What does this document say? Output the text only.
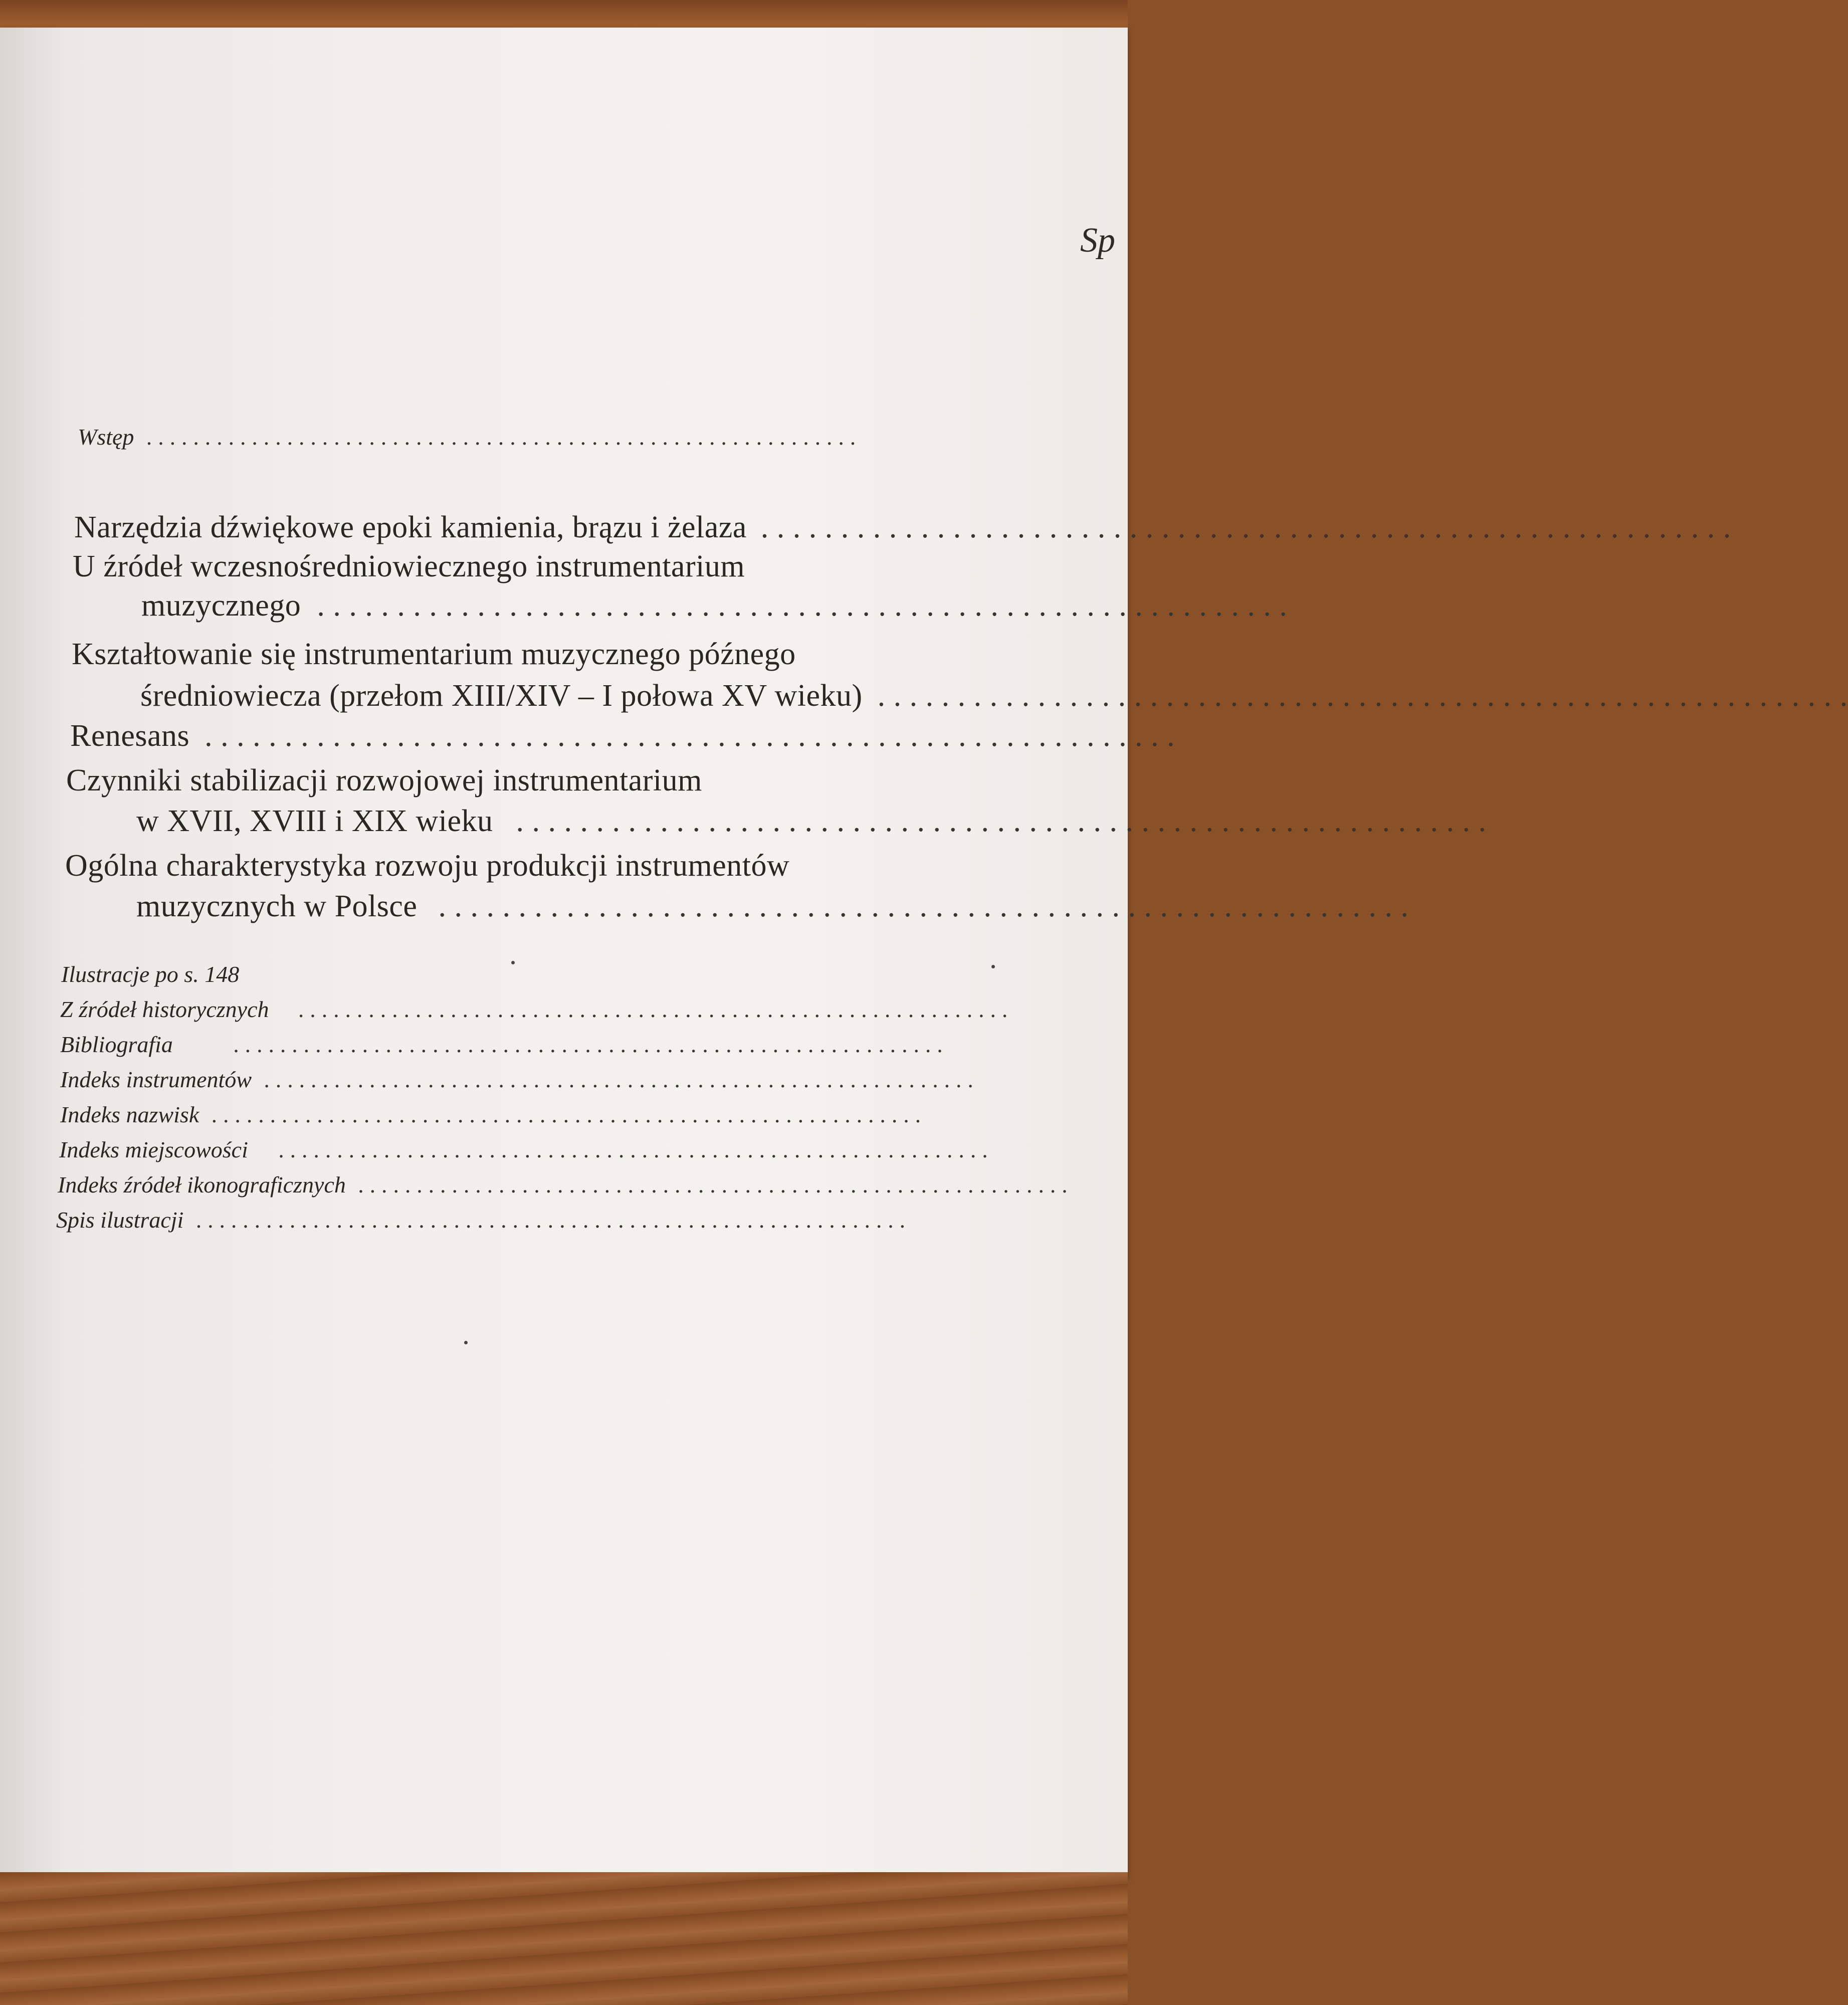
Sp
Wstęp . . . . . . . . . . . . . . . . . . . . . . . . . . . . . . . . . . . . . . . . . . . . . . . . . . . . . . . . . . . . .
Narzędzia dźwiękowe epoki kamienia, brązu i żelaza . . . . . . . . . . . . . . . . . . . . . . . . . . . . . . . . . . . . . . . . . . . . . . . . . . . . . . . . . . . . .
U źródeł wczesnośredniowiecznego instrumentarium
muzycznego . . . . . . . . . . . . . . . . . . . . . . . . . . . . . . . . . . . . . . . . . . . . . . . . . . . . . . . . . . . . .
Kształtowanie się instrumentarium muzycznego późnego
średniowiecza (przełom XIII/XIV – I połowa XV wieku) . . . . . . . . . . . . . . . . . . . . . . . . . . . . . . . . . . . . . . . . . . . . . . . . . . . . . . . . . . . . .
Renesans . . . . . . . . . . . . . . . . . . . . . . . . . . . . . . . . . . . . . . . . . . . . . . . . . . . . . . . . . . . . .
Czynniki stabilizacji rozwojowej instrumentarium
w XVII, XVIII i XIX wieku . . . . . . . . . . . . . . . . . . . . . . . . . . . . . . . . . . . . . . . . . . . . . . . . . . . . . . . . . . . . .
Ogólna charakterystyka rozwoju produkcji instrumentów
muzycznych w Polsce . . . . . . . . . . . . . . . . . . . . . . . . . . . . . . . . . . . . . . . . . . . . . . . . . . . . . . . . . . . . .
Ilustracje po s. 148
Z źródeł historycznych . . . . . . . . . . . . . . . . . . . . . . . . . . . . . . . . . . . . . . . . . . . . . . . . . . . . . . . . . . . . .
Bibliografia	. . . . . . . . . . . . . . . . . . . . . . . . . . . . . . . . . . . . . . . . . . . . . . . . . . . . . . . . . . . . .
Indeks instrumentów . . . . . . . . . . . . . . . . . . . . . . . . . . . . . . . . . . . . . . . . . . . . . . . . . . . . . . . . . . . . .
Indeks nazwisk . . . . . . . . . . . . . . . . . . . . . . . . . . . . . . . . . . . . . . . . . . . . . . . . . . . . . . . . . . . . .
Indeks miejscowości . . . . . . . . . . . . . . . . . . . . . . . . . . . . . . . . . . . . . . . . . . . . . . . . . . . . . . . . . . . . .
Indeks źródeł ikonograficznych . . . . . . . . . . . . . . . . . . . . . . . . . . . . . . . . . . . . . . . . . . . . . . . . . . . . . . . . . . . . .
Spis ilustracji . . . . . . . . . . . . . . . . . . . . . . . . . . . . . . . . . . . . . . . . . . . . . . . . . . . . . . . . . . . . .
